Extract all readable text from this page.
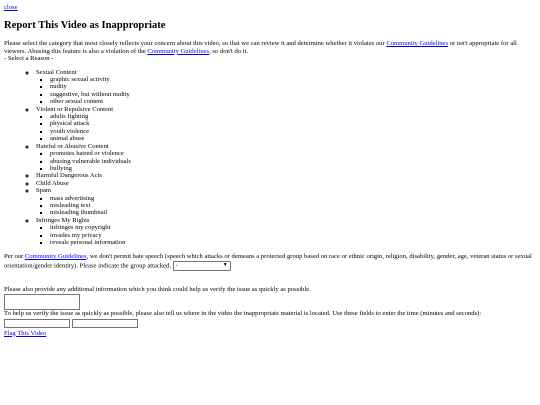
close
Report This Video as Inappropriate

Please select the category that most closely reflects your concern about this video, so that we can review it and determine whether it violates our Community Guidelines or isn't appropriate for all viewers. Abusing this feature is also a violation of the Community Guidelines, so don't do it.

- Select a Reason -
◦ Sexual Content
▪ graphic sexual activity
▪ nudity
▪ suggestive, but without nudity
▪ other sexual content
◦ Violent or Repulsive Content
▪ adults fighting
▪ physical attack
▪ youth violence
▪ animal abuse
◦ Hateful or Abusive Content
▪ promotes hatred or violence
▪ abusing vulnerable individuals
▪ bullying
◦ Harmful Dangerous Acts
◦ Child Abuse
◦ Spam
▪ mass advertising
▪ misleading text
▪ misleading thumbnail
◦ Infringes My Rights
▪ infringes my copyright
▪ invades my privacy
▪ reveals personal information

Per our Community Guidelines, we don't permit hate speech (speech which attacks or demeans a protected group based on race or ethnic origin, religion, disability, gender, age, veteran status or sexual orientation/gender identity). Please indicate the group attacked. -	▼

Please also provide any additional information which you think could help us verify the issue as quickly as possible.

To help us verify the issue as quickly as possible, please also tell us where in the video the inappropriate material is located. Use these fields to enter the time (minutes and seconds):

Flag This Video
